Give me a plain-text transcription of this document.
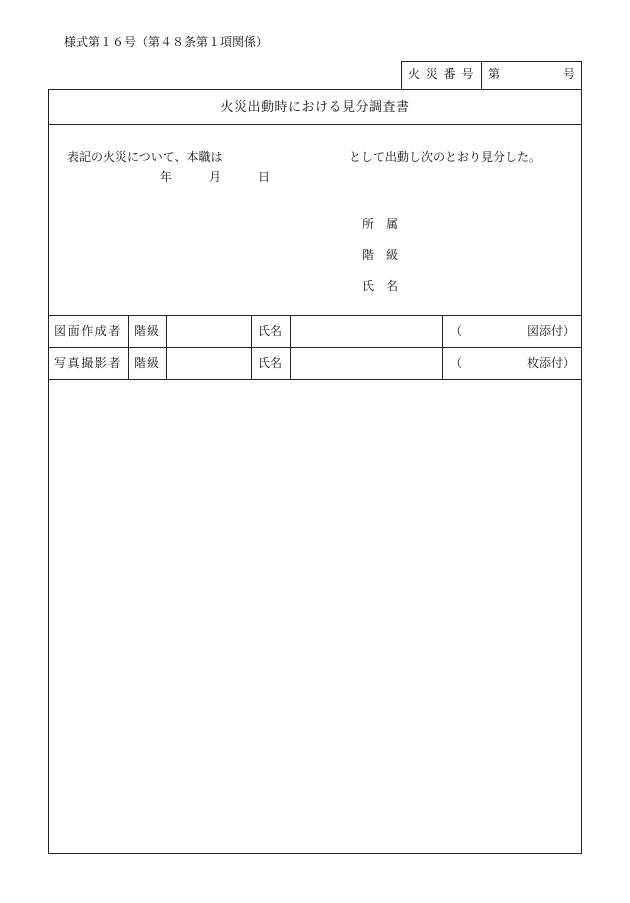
様式第１６号（第４８条第１項関係）
火 災 番 号 第	号
火災出動時における見分調査書
表記の火災について、本職は	として出動し次のとおり見分した。
年	月	日
所　属
階　級
氏　名
図面作成者 階級	氏名	（	図添付）
写真撮影者 階級	氏名	（	枚添付）
